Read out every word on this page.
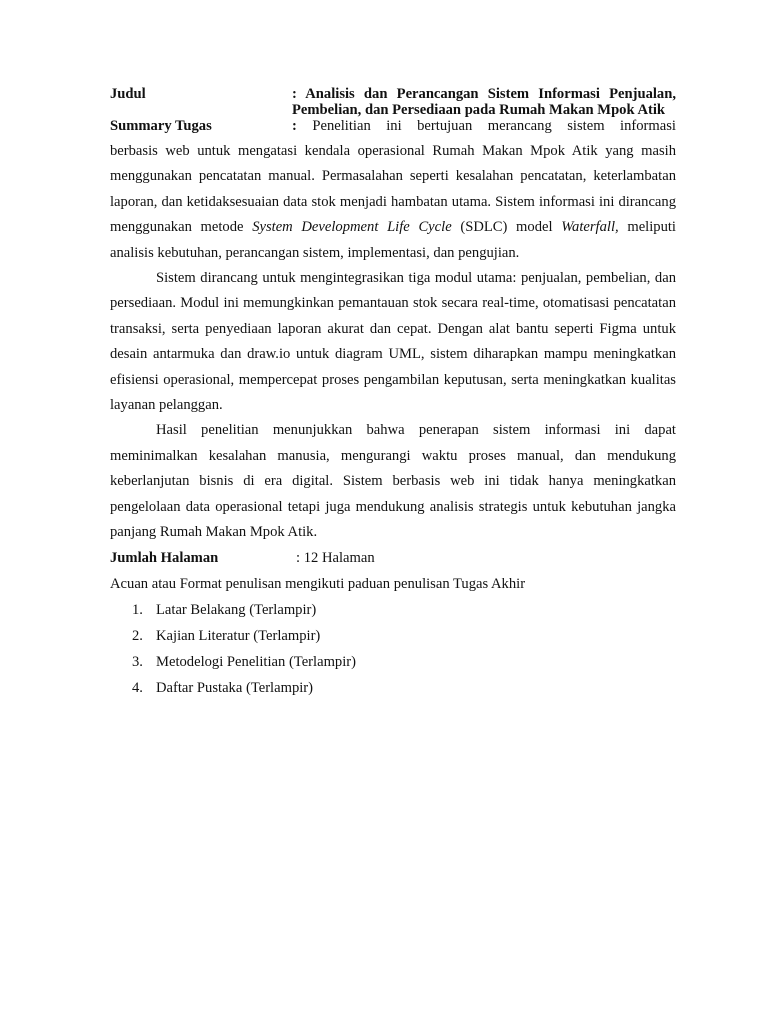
Judul	: Analisis dan Perancangan Sistem Informasi Penjualan, Pembelian, dan Persediaan pada Rumah Makan Mpok Atik
Summary Tugas	: Penelitian ini bertujuan merancang sistem informasi

berbasis web untuk mengatasi kendala operasional Rumah Makan Mpok Atik yang masih menggunakan pencatatan manual. Permasalahan seperti kesalahan pencatatan, keterlambatan laporan, dan ketidaksesuaian data stok menjadi hambatan utama. Sistem informasi ini dirancang menggunakan metode System Development Life Cycle (SDLC) model Waterfall, meliputi analisis kebutuhan, perancangan sistem, implementasi, dan pengujian.

Sistem dirancang untuk mengintegrasikan tiga modul utama: penjualan, pembelian, dan persediaan. Modul ini memungkinkan pemantauan stok secara real-time, otomatisasi pencatatan transaksi, serta penyediaan laporan akurat dan cepat. Dengan alat bantu seperti Figma untuk desain antarmuka dan draw.io untuk diagram UML, sistem diharapkan mampu meningkatkan efisiensi operasional, mempercepat proses pengambilan keputusan, serta meningkatkan kualitas layanan pelanggan.

Hasil penelitian menunjukkan bahwa penerapan sistem informasi ini dapat meminimalkan kesalahan manusia, mengurangi waktu proses manual, dan mendukung keberlanjutan bisnis di era digital. Sistem berbasis web ini tidak hanya meningkatkan pengelolaan data operasional tetapi juga mendukung analisis strategis untuk kebutuhan jangka panjang Rumah Makan Mpok Atik.

Jumlah Halaman	: 12 Halaman
Acuan atau Format penulisan mengikuti paduan penulisan Tugas Akhir
1. Latar Belakang (Terlampir)
2. Kajian Literatur (Terlampir)
3. Metodelogi Penelitian (Terlampir)
4. Daftar Pustaka (Terlampir)
